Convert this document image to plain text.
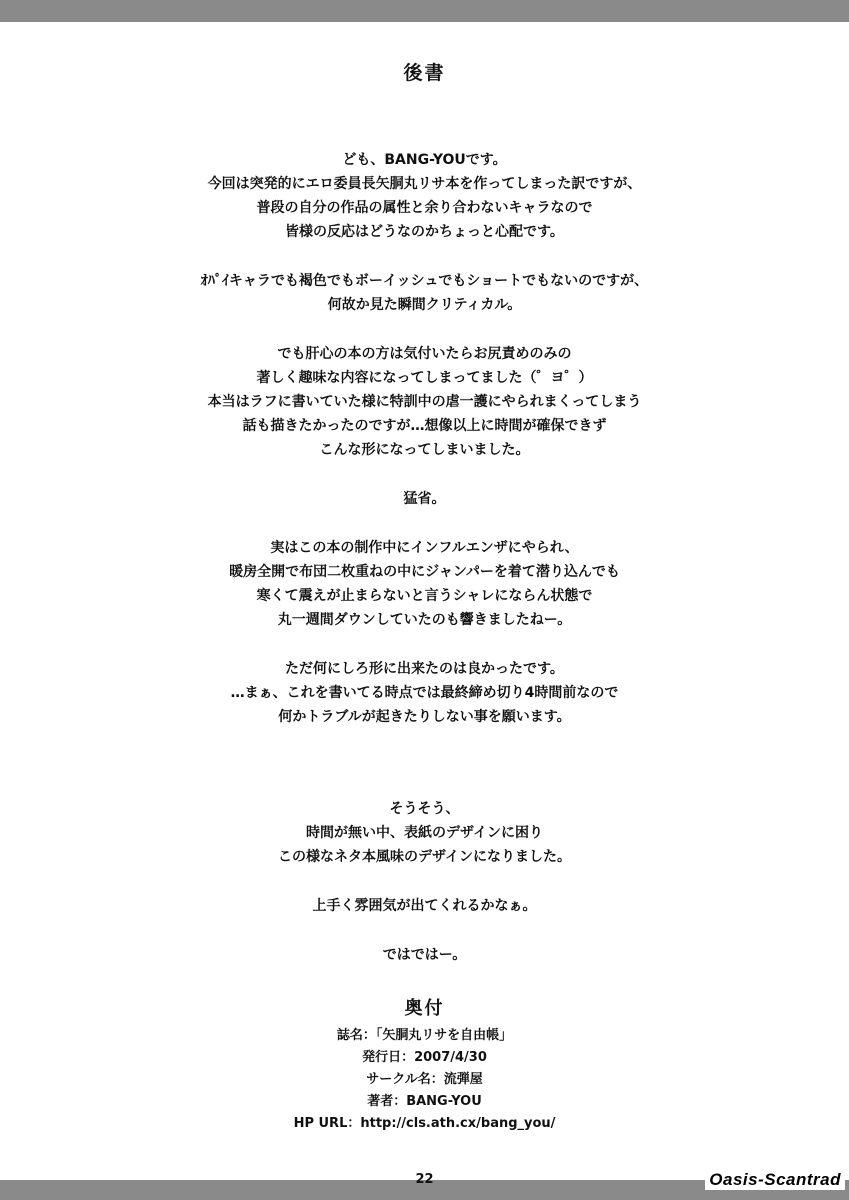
後書
ども、BANG-YOUです。
今回は突発的にエロ委員長矢胴丸リサ本を作ってしまった訳ですが、
普段の自分の作品の属性と余り合わないキャラなので
皆様の反応はどうなのかちょっと心配です。
ｵﾊﾟｲキャラでも褐色でもボーイッシュでもショートでもないのですが、
何故か見た瞬間クリティカル。
でも肝心の本の方は気付いたらお尻責めのみの
著しく趣味な内容になってしまってました（゜ヨ゜）
本当はラフに書いていた様に特訓中の虐一護にやられまくってしまう
話も描きたかったのですが…想像以上に時間が確保できず
こんな形になってしまいました。
猛省。
実はこの本の制作中にインフルエンザにやられ、
暖房全開で布団二枚重ねの中にジャンパーを着て潜り込んでも
寒くて震えが止まらないと言うシャレにならん状態で
丸一週間ダウンしていたのも響きましたねー。
ただ何にしろ形に出来たのは良かったです。
…まぁ、これを書いてる時点では最終締め切り4時間前なので
何かトラブルが起きたりしない事を願います。
そうそう、
時間が無い中、表紙のデザインに困り
この様なネタ本風味のデザインになりました。
上手く雰囲気が出てくれるかなぁ。
ではではー。
奥付
誌名：「矢胴丸リサを自由帳」
発行日：2007/4/30
サークル名：流弾屋
著者：BANG-YOU
HP URL：http://cls.ath.cx/bang_you/
22	Oasis-Scantrad
